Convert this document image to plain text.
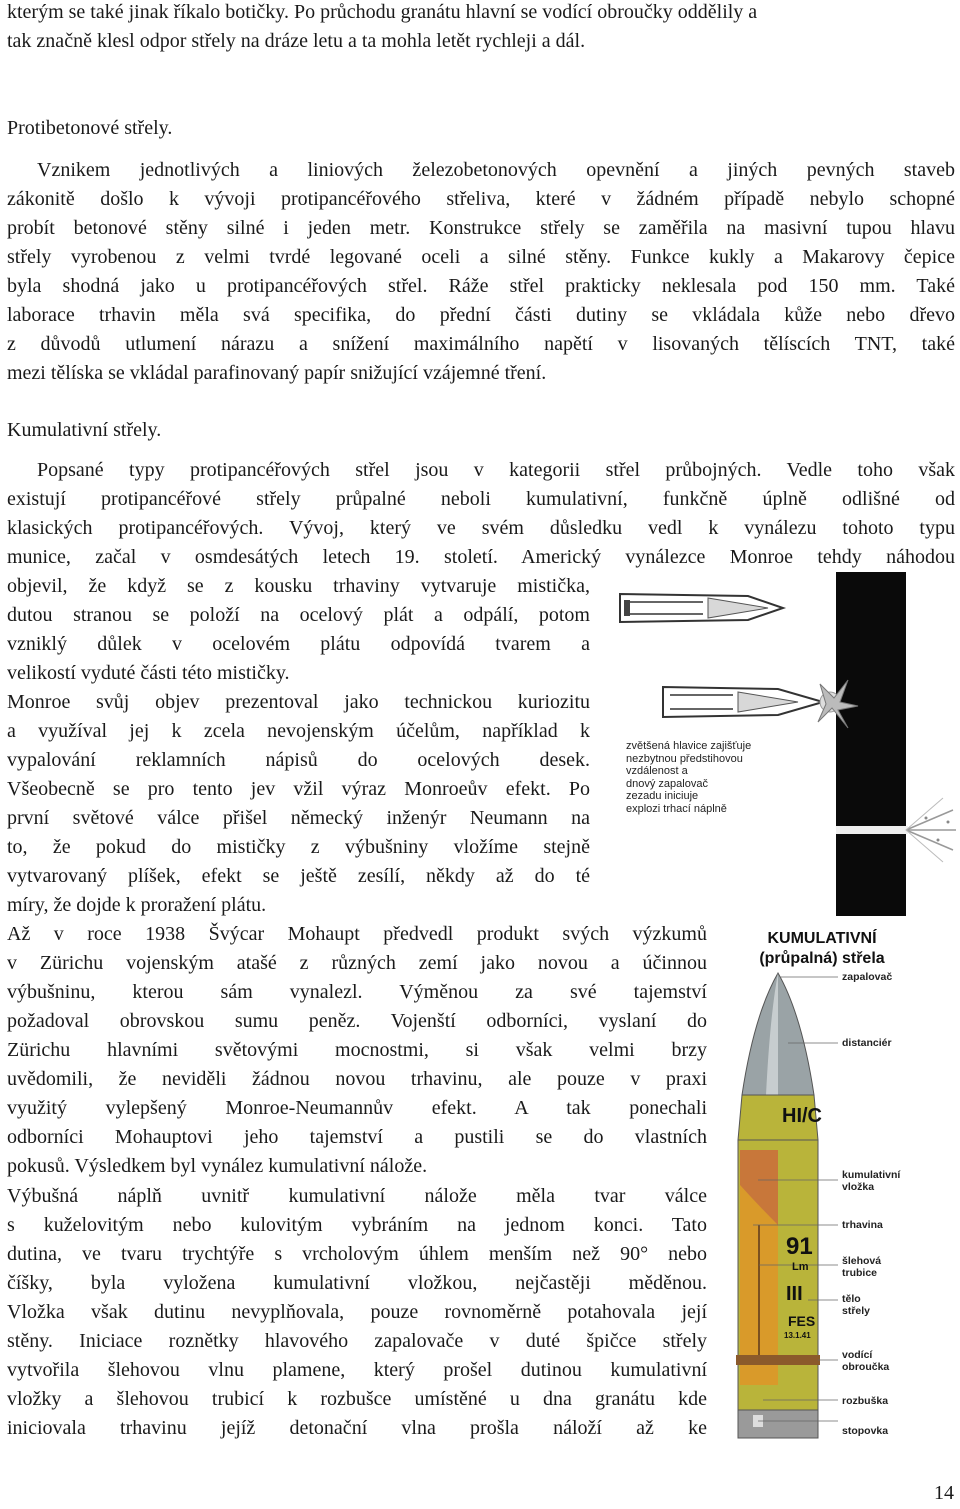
kterým se také jinak říkalo botičky. Po průchodu granátu hlavní se vodící obroučky oddělily a
tak značně klesl odpor střely na dráze letu a ta mohla letět rychleji a dál.
Protibetonové střely.
Vznikem jednotlivých a liniových železobetonových opevnění a jiných pevných staveb
zákonitě došlo k vývoji protipancéřového střeliva, které v žádném případě nebylo schopné
probít betonové stěny silné i jeden metr. Konstrukce střely se zaměřila na masivní tupou hlavu
střely vyrobenou z velmi tvrdé legované oceli a silné stěny. Funkce kukly a Makarovy čepice
byla shodná jako u protipancéřových střel. Ráže střel prakticky neklesala pod 150 mm. Také
laborace trhavin měla svá specifika, do přední části dutiny se vkládala kůže nebo dřevo
z důvodů utlumení nárazu a snížení maximálního napětí v lisovaných tělíscích TNT, také
mezi tělíska se vkládal parafinovaný papír snižující vzájemné tření.
Kumulativní střely.
Popsané typy protipancéřových střel jsou v kategorii střel průbojných. Vedle toho však
existují protipancéřové střely průpalné neboli kumulativní, funkčně úplně odlišné od
klasických protipancéřových. Vývoj, který ve svém důsledku vedl k vynálezu tohoto typu
munice, začal v osmdesátých letech 19. století. Americký vynálezce Monroe tehdy náhodou
objevil, že když se z kousku trhaviny vytvaruje mistička,
dutou stranou se položí na ocelový plát a odpálí, potom
vzniklý důlek v ocelovém plátu odpovídá tvarem a
velikostí vyduté části této mističky.
Monroe svůj objev prezentoval jako technickou kuriozitu
a využíval jej k zcela nevojenským účelům, například k
vypalování reklamních nápisů do ocelových desek.
Všeobecně se pro tento jev vžil výraz Monroeův efekt. Po
první světové válce přišel německý inženýr Neumann na
to, že pokud do mističky z výbušniny vložíme stejně
vytvarovaný plíšek, efekt se ještě zesílí, někdy až do té
míry, že dojde k proražení plátu.
Až v roce 1938 Švýcar Mohaupt předvedl produkt svých výzkumů
v Zürichu vojenským atašé z různých zemí jako novou a účinnou
výbušninu, kterou sám vynalezl. Výměnou za své tajemství
požadoval obrovskou sumu peněz. Vojenští odborníci, vyslaní do
Zürichu hlavními světovými mocnostmi, si však velmi brzy
uvědomili, že neviděli žádnou novou trhavinu, ale pouze v praxi
využitý vylepšený Monroe-Neumannův efekt. A tak ponechali
odborníci Mohauptovi jeho tajemství a pustili se do vlastních
pokusů. Výsledkem byl vynález kumulativní nálože.
Výbušná náplň uvnitř kumulativní nálože měla tvar válce
s kuželovitým nebo kulovitým vybráním na jednom konci. Tato
dutina, ve tvaru trychtýře s vrcholovým úhlem menším než 90° nebo
číšky, byla vyložena kumulativní vložkou, nejčastěji měděnou.
Vložka však dutinu nevyplňovala, pouze rovnoměrně potahovala její
stěny. Iniciace roznětky hlavového zapalovače v duté špičce střely
vytvořila šlehovou vlnu plamene, který prošel dutinou kumulativní
vložky a šlehovou trubicí k rozbušce umístěné u dna granátu kde
iniciovala trhavinu jejíž detonační vlna prošla náloží až ke
zvětšená hlavice zajišťuje
nezbytnou předstihovou
vzdálenost a
dnový zapalovač
zezadu iniciuje
explozi trhací náplně
KUMULATIVNÍ
(průpalná) střela
HI/C
91
Lm
III
FES
13.1.41
zapalovač
distanciér
kumulativní
vložka
trhavina
šlehová
trubice
tělo
střely
vodící
obroučka
rozbuška
stopovka
14
